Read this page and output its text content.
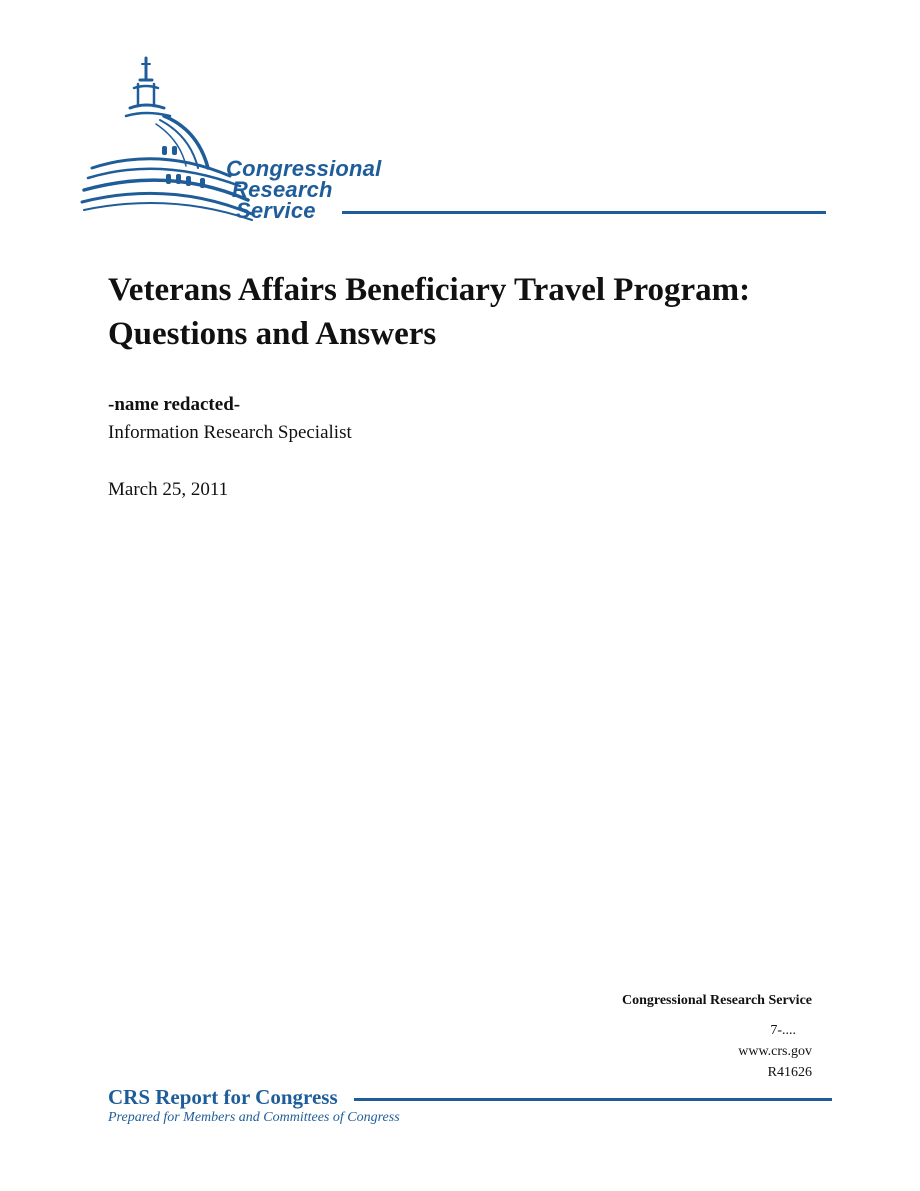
Congressional
Research
Service
Veterans Affairs Beneficiary Travel Program:
Questions and Answers
-name redacted-
Information Research Specialist
March 25, 2011
Congressional Research Service
7-....
www.crs.gov
R41626
CRS Report for Congress
Prepared for Members and Committees of Congress
